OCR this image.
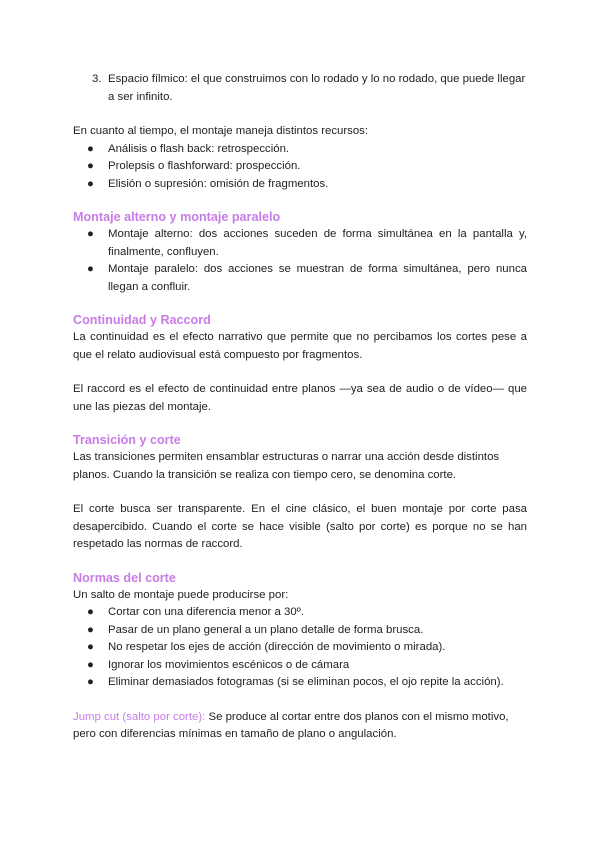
3. Espacio fílmico: el que construimos con lo rodado y lo no rodado, que puede llegar a ser infinito.

En cuanto al tiempo, el montaje maneja distintos recursos:

● Análisis o flash back: retrospección.
● Prolepsis o flashforward: prospección.
● Elisión o supresión: omisión de fragmentos.
Montaje alterno y montaje paralelo
● Montaje alterno: dos acciones suceden de forma simultánea en la pantalla y, finalmente, confluyen.
● Montaje paralelo: dos acciones se muestran de forma simultánea, pero nunca llegan a confluir.
Continuidad y Raccord

La continuidad es el efecto narrativo que permite que no percibamos los cortes pese a que el relato audiovisual está compuesto por fragmentos.

El raccord es el efecto de continuidad entre planos —ya sea de audio o de vídeo— que une las piezas del montaje.

Transición y corte

Las transiciones permiten ensamblar estructuras o narrar una acción desde distintos planos. Cuando la transición se realiza con tiempo cero, se denomina corte.

El corte busca ser transparente. En el cine clásico, el buen montaje por corte pasa desapercibido. Cuando el corte se hace visible (salto por corte) es porque no se han respetado las normas de raccord.

Normas del corte

Un salto de montaje puede producirse por:

● Cortar con una diferencia menor a 30º.
● Pasar de un plano general a un plano detalle de forma brusca.
● No respetar los ejes de acción (dirección de movimiento o mirada).
● Ignorar los movimientos escénicos o de cámara
● Eliminar demasiados fotogramas (si se eliminan pocos, el ojo repite la acción).

Jump cut (salto por corte): Se produce al cortar entre dos planos con el mismo motivo, pero con diferencias mínimas en tamaño de plano o angulación.
